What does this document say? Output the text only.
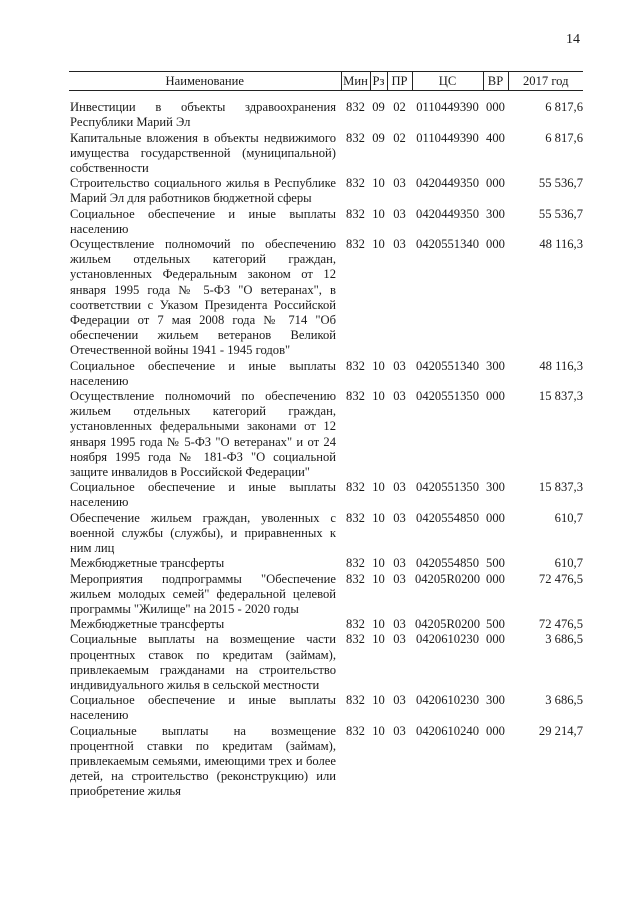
14
Наименование	Мин	Рз	ПР	ЦС	ВР	2017 год
Инвестиции в объекты здравоохранения Республики Марий Эл	832	09	02	0110449390	000	6 817,6
Капитальные вложения в объекты недвижимого имущества государственной (муниципальной) собственности	832	09	02	0110449390	400	6 817,6
Строительство социального жилья в Республике Марий Эл для работников бюджетной сферы	832	10	03	0420449350	000	55 536,7
Социальное обеспечение и иные выплаты населению	832	10	03	0420449350	300	55 536,7
Осуществление полномочий по обеспечению жильем отдельных категорий граждан, установленных Федеральным законом от 12 января 1995 года № 5-ФЗ "О ветеранах", в соответствии с Указом Президента Российской Федерации от 7 мая 2008 года № 714 "Об обеспечении жильем ветеранов Великой Отечественной войны 1941 - 1945 годов"	832	10	03	0420551340	000	48 116,3
Социальное обеспечение и иные выплаты населению	832	10	03	0420551340	300	48 116,3
Осуществление полномочий по обеспечению жильем отдельных категорий граждан, установленных федеральными законами от 12 января 1995 года № 5-ФЗ "О ветеранах" и от 24 ноября 1995 года № 181-ФЗ "О социальной защите инвалидов в Российской Федерации"	832	10	03	0420551350	000	15 837,3
Социальное обеспечение и иные выплаты населению	832	10	03	0420551350	300	15 837,3
Обеспечение жильем граждан, уволенных с военной службы (службы), и приравненных к ним лиц	832	10	03	0420554850	000	610,7
Межбюджетные трансферты	832	10	03	0420554850	500	610,7
Мероприятия подпрограммы "Обеспечение жильем молодых семей" федеральной целевой программы "Жилище" на 2015 - 2020 годы	832	10	03	04205R0200	000	72 476,5
Межбюджетные трансферты	832	10	03	04205R0200	500	72 476,5
Социальные выплаты на возмещение части процентных ставок по кредитам (займам), привлекаемым гражданами на строительство индивидуального жилья в сельской местности	832	10	03	0420610230	000	3 686,5
Социальное обеспечение и иные выплаты населению	832	10	03	0420610230	300	3 686,5
Социальные выплаты на возмещение процентной ставки по кредитам (займам), привлекаемым семьями, имеющими трех и более детей, на строительство (реконструкцию) или приобретение жилья	832	10	03	0420610240	000	29 214,7
